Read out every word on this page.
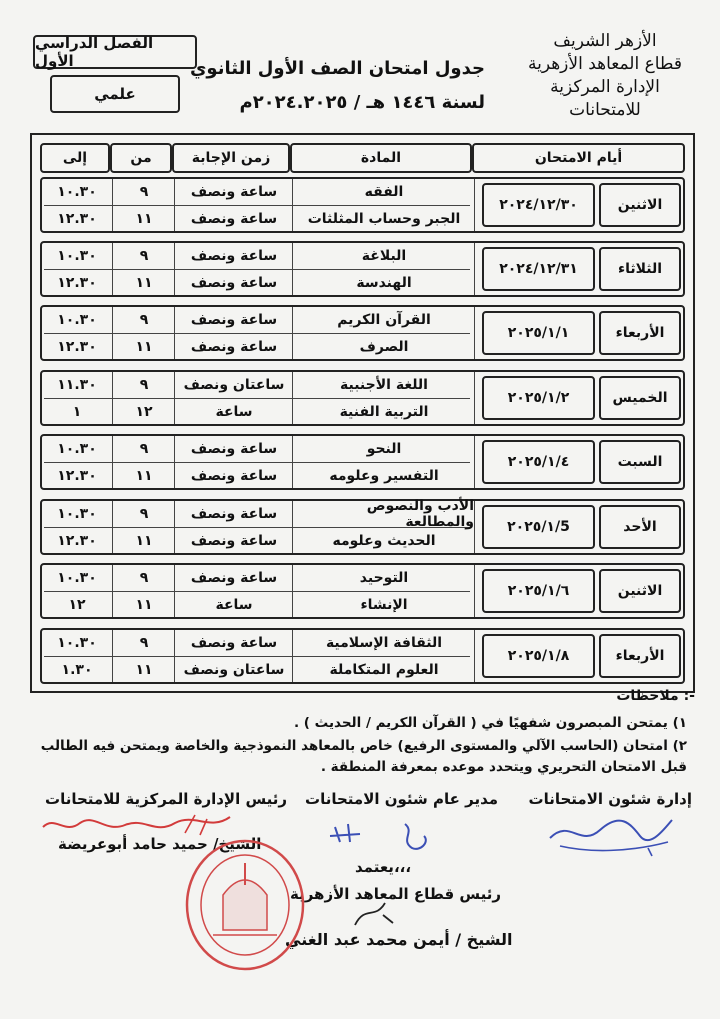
الفصل الدراسي الأول
علمي
جدول امتحان الصف الأول الثانوي
لسنة ١٤٤٦ هـ / ٢٠٢٤.٢٠٢٥م
الأزهر الشريف
قطاع المعاهد الأزهرية
الإدارة المركزية للامتحانات
أيام الامتحان
المادة
زمن الإجابة
من
إلى
الاثنين
٢٠٢٤/١٢/٣٠
الفقه
ساعة ونصف
٩
١٠.٣٠
الجبر وحساب المثلثات
ساعة ونصف
١١
١٢.٣٠
الثلاثاء
٢٠٢٤/١٢/٣١
البلاغة
ساعة ونصف
٩
١٠.٣٠
الهندسة
ساعة ونصف
١١
١٢.٣٠
الأربعاء
٢٠٢٥/١/١
القرآن الكريم
ساعة ونصف
٩
١٠.٣٠
الصرف
ساعة ونصف
١١
١٢.٣٠
الخميس
٢٠٢٥/١/٢
اللغة الأجنبية
ساعتان ونصف
٩
١١.٣٠
التربية الفنية
ساعة
١٢
١
السبت
٢٠٢٥/١/٤
النحو
ساعة ونصف
٩
١٠.٣٠
التفسير وعلومه
ساعة ونصف
١١
١٢.٣٠
الأحد
٢٠٢٥/١/5
الأدب والنصوص والمطالعة
ساعة ونصف
٩
١٠.٣٠
الحديث وعلومه
ساعة ونصف
١١
١٢.٣٠
الاثنين
٢٠٢٥/١/٦
التوحيد
ساعة ونصف
٩
١٠.٣٠
الإنشاء
ساعة
١١
١٢
الأربعاء
٢٠٢٥/١/٨
الثقافة الإسلامية
ساعة ونصف
٩
١٠.٣٠
العلوم المتكاملة
ساعتان ونصف
١١
١.٣٠
ملاحظات :-
١) يمتحن المبصرون شفهيًا في ( القرآن الكريم / الحديث ) .
٢) امتحان (الحاسب الآلي والمستوى الرفيع) خاص بالمعاهد النموذجية والخاصة ويمتحن فيه الطالب قبل الامتحان التحريري ويتحدد موعده بمعرفة المنطقة .
إدارة شئون الامتحانات
مدير عام شئون الامتحانات
رئيس الإدارة المركزية للامتحانات
الشيخ/ حميد حامد أبوعريضة
يعتمد،،،
رئيس قطاع المعاهد الأزهرية
الشيخ / أيمن محمد عبد الغني
